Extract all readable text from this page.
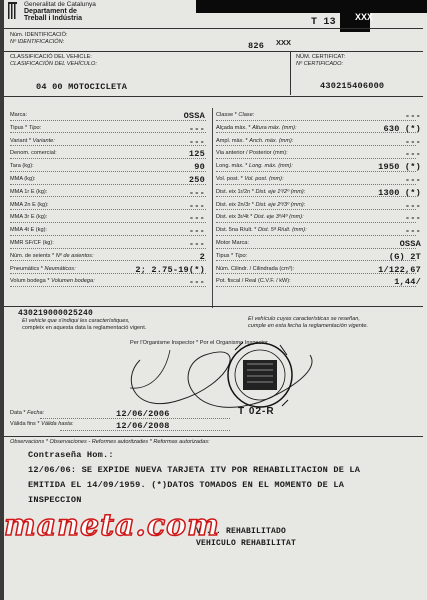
Generalitat de Catalunya
Departament de
Treball i Indústria	T 13 XXX
Núm. IDENTIFICACIÓ:
Nº IDENTIFICACIÓN:	826 XXX
CLASSIFICACIÓ DEL VEHICLE:
CLASIFICACIÓN DEL VEHÍCULO:
NÚM. CERTIFICAT:
Nº CERTIFICADO:
04 00 MOTOCICLETA	430215406000
Marca:	OSSA
Tipus * Tipo:	---
Variant * Variante:	---
Denom. comercial:	125
Tara (kg):	90
MMA (kg):	250
MMA 1r E (kg):	---
MMA 2n E (kg):	---
MMA 3r E (kg):	---
MMA 4t E (kg):	---
MMR SF/CF (kg):	---
Núm. de seients * Nº de asientos:	2
Pneumàtics * Neumáticos:	2; 2.75-19(*)
Volum bodega * Volumen bodega:	---
Classe * Clase:	---
Alçada màx. * Altura máx. (mm):	630 (*)
Ampl. màx. * Anch. máx. (mm):	---
Via anterior / Posterior (mm):	---
Long. màx. * Long. máx. (mm):	1950 (*)
Vol. post. * Vol. post. (mm):	---
Dist. eix 1r/2n * Dist. eje 1º/2º (mm):	1300 (*)
Dist. eix 2n/3r * Dist. eje 2º/3º (mm):	---
Dist. eix 3r/4t * Dist. eje 3º/4º (mm):	---
Dist. 5na R/ult. * Dist. 5ª R/ult. (mm):	---
Motor Marca:	OSSA
Tipus * Tipo:	(G) 2T
Núm. Cilindr. / Cilindrada (cm³):	1/122,67
Pot. fiscal / Real (C.V.F. / kW):	1,44/
430219000025240
El vehicle que s'indiqui les característiques,
compleix en aquesta data la reglamentació vigent.
El vehículo cuyas características se reseñan,
cumple en esta fecha la reglamentación vigente.
Per l'Organisme Inspector * Por el Organismo Inspector
T 02-R
Data * Fecha:	12/06/2006
Vàlida fins * Válida hasta:	12/06/2008
Observacions * Observaciones - Reformes autoritzades * Reformas autorizadas:
Contraseña Hom.:
12/06/06: SE EXPIDE NUEVA TARJETA ITV POR REHABILITACION DE LA
EMITIDA EL 14/09/1959. (*)DATOS TOMADOS EN EL MOMENTO DE LA
INSPECCION
V.... REHABILITADO
VEHICULO REHABILITAT
maneta.com
